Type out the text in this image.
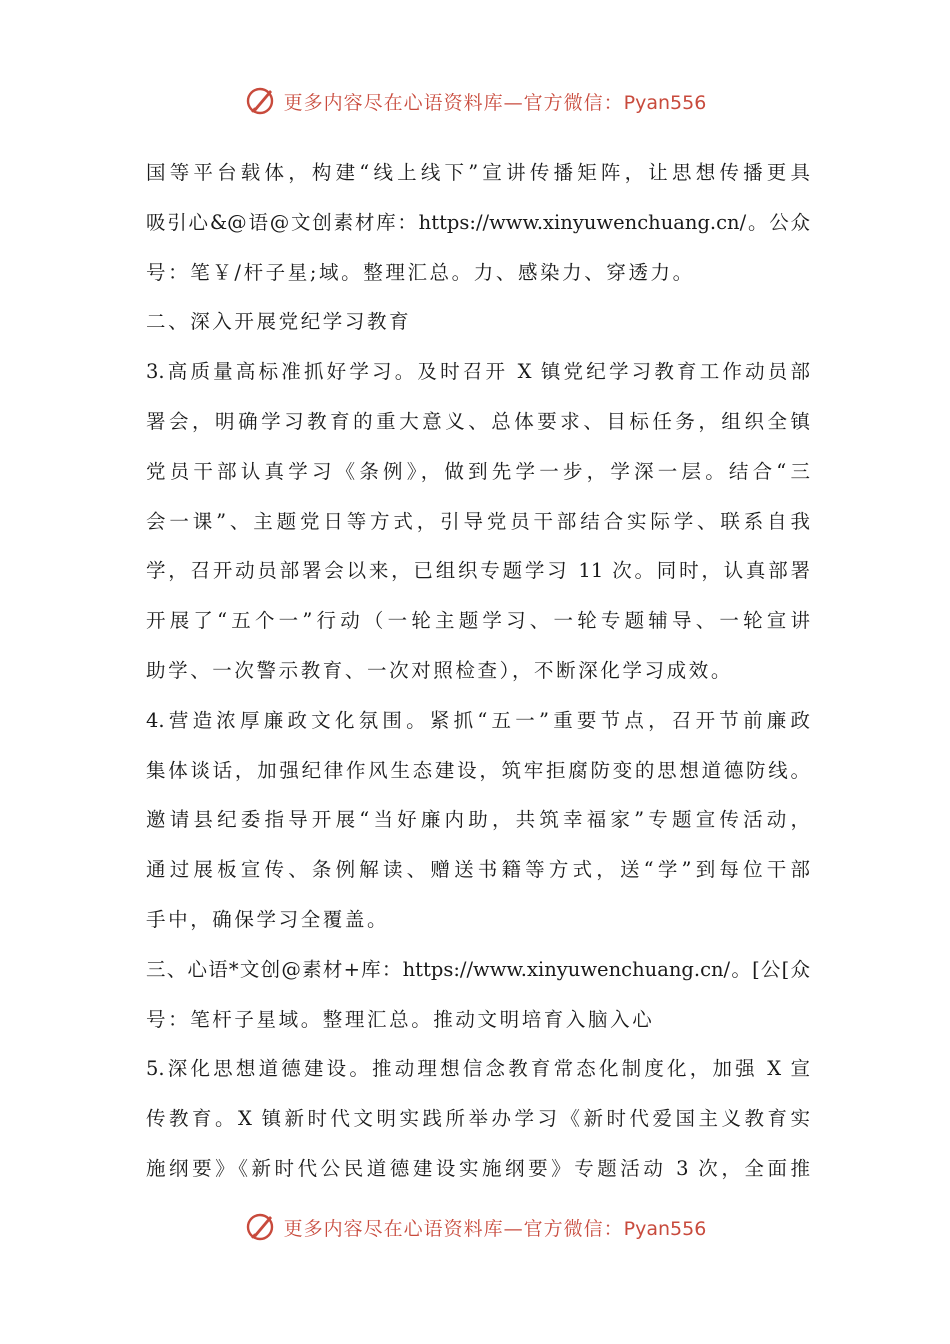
更多内容尽在心语资料库—官方微信：Pyan556
国等平台载体，构建“线上线下”宣讲传播矩阵，让思想传播更具
吸引心&@语@文创素材库：https://www.xinyuwenchuang.cn/。公众
号：笔￥/杆子星;域。整理汇总。力、感染力、穿透力。
二、深入开展党纪学习教育
3.高质量高标准抓好学习。及时召开 X 镇党纪学习教育工作动员部
署会，明确学习教育的重大意义、总体要求、目标任务，组织全镇
党员干部认真学习《条例》，做到先学一步，学深一层。结合“三
会一课”、主题党日等方式，引导党员干部结合实际学、联系自我
学，召开动员部署会以来，已组织专题学习 11 次。同时，认真部署
开展了“五个一”行动（一轮主题学习、一轮专题辅导、一轮宣讲
助学、一次警示教育、一次对照检查），不断深化学习成效。
4.营造浓厚廉政文化氛围。紧抓“五一”重要节点，召开节前廉政
集体谈话，加强纪律作风生态建设，筑牢拒腐防变的思想道德防线。
邀请县纪委指导开展“当好廉内助，共筑幸福家”专题宣传活动，
通过展板宣传、条例解读、赠送书籍等方式，送“学”到每位干部
手中，确保学习全覆盖。
三、心语*文创@素材+库：https://www.xinyuwenchuang.cn/。[公[众
号：笔杆子星域。整理汇总。推动文明培育入脑入心
5.深化思想道德建设。推动理想信念教育常态化制度化，加强 X 宣
传教育。X 镇新时代文明实践所举办学习《新时代爱国主义教育实
施纲要》《新时代公民道德建设实施纲要》专题活动 3 次，全面推
更多内容尽在心语资料库—官方微信：Pyan556
